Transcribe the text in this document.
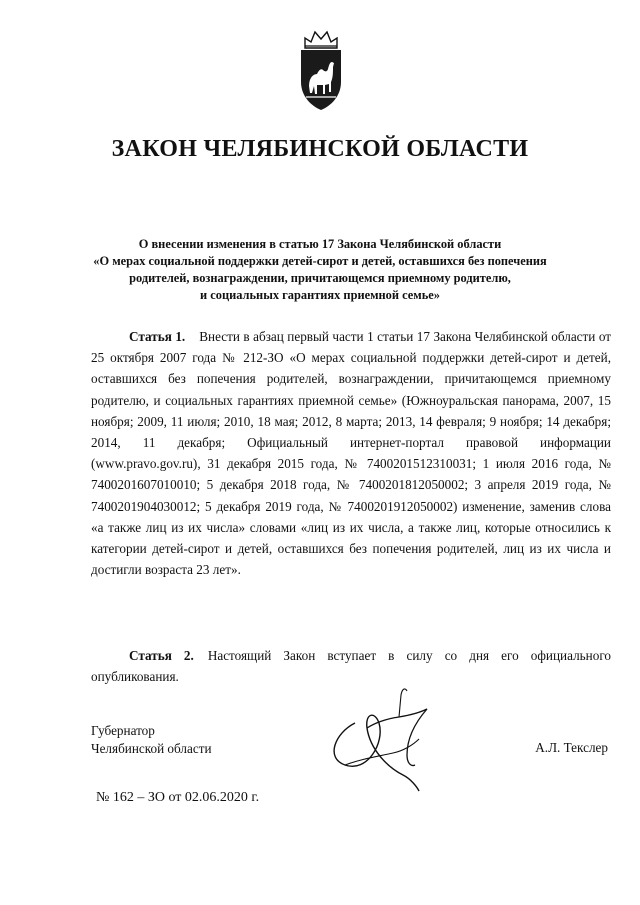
ЗАКОН ЧЕЛЯБИНСКОЙ ОБЛАСТИ
О внесении изменения в статью 17 Закона Челябинской области
«О мерах социальной поддержки детей-сирот и детей, оставшихся без попечения
родителей, вознаграждении, причитающемся приемному родителю,
и социальных гарантиях приемной семье»

Статья 1. Внести в абзац первый части 1 статьи 17 Закона Челябинской области от 25 октября 2007 года № 212-ЗО «О мерах социальной поддержки детей-сирот и детей, оставшихся без попечения родителей, вознаграждении, причитающемся приемному родителю, и социальных гарантиях приемной семье» (Южноуральская панорама, 2007, 15 ноября; 2009, 11 июля; 2010, 18 мая; 2012, 8 марта; 2013, 14 февраля; 9 ноября; 14 декабря; 2014, 11 декабря; Официальный интернет-портал правовой информации (www.pravo.gov.ru), 31 декабря 2015 года, № 7400201512310031; 1 июля 2016 года, № 7400201607010010; 5 декабря 2018 года, № 7400201812050002; 3 апреля 2019 года, № 7400201904030012; 5 декабря 2019 года, № 7400201912050002) изменение, заменив слова «а также лиц из их числа» словами «лиц из их числа, а также лиц, которые относились к категории детей-сирот и детей, оставшихся без попечения родителей, лиц из их числа и достигли возраста 23 лет».

Статья 2. Настоящий Закон вступает в силу со дня его официального опубликования.

Губернатор
Челябинской области	А.Л. Текслер
№ 162 – ЗО от 02.06.2020 г.
